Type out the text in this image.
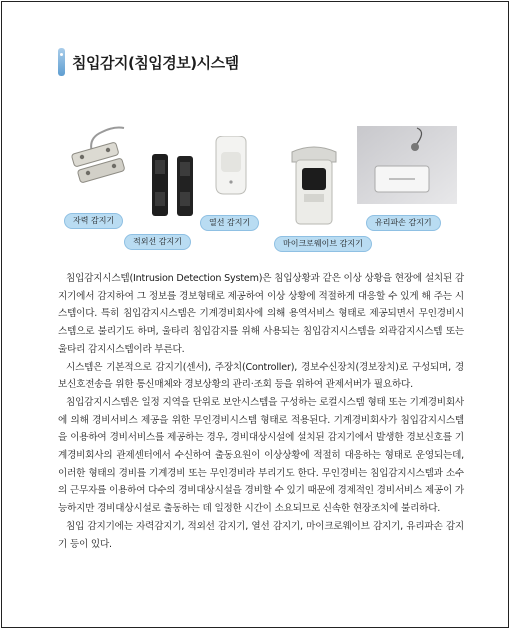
침입감지(침입경보)시스템
자력 감지기
적외선 감지기
열선 감지기
마이크로웨이브 감지기
유리파손 감지기

침입감지시스템(Intrusion Detection System)은 침입상황과 같은 이상 상황을 현장에 설치된 감지기에서 감지하여 그 정보를 경보형태로 제공하여 이상 상황에 적절하게 대응할 수 있게 해 주는 시스템이다. 특히 침입감지시스템은 기계경비회사에 의해 용역서비스 형태로 제공되면서 무인경비시스템으로 불리기도 하며, 울타리 침입감지를 위해 사용되는 침입감지시스템을 외곽감지시스템 또는 울타리 감지시스템이라 부른다.

시스템은 기본적으로 감지기(센서), 주장치(Controller), 경보수신장치(경보장치)로 구성되며, 경보신호전송을 위한 통신매체와 경보상황의 관리·조회 등을 위하여 관제서버가 필요하다.

침입감지시스템은 일정 지역을 단위로 보안시스템을 구성하는 로컬시스템 형태 또는 기계경비회사에 의해 경비서비스 제공을 위한 무인경비시스템 형태로 적용된다. 기계경비회사가 침입감지시스템을 이용하여 경비서비스를 제공하는 경우, 경비대상시설에 설치된 감지기에서 발생한 경보신호를 기계경비회사의 관제센터에서 수신하여 출동요원이 이상상황에 적절히 대응하는 형태로 운영되는데, 이러한 형태의 경비를 기계경비 또는 무인경비라 부리기도 한다. 무인경비는 침입감지시스템과 소수의 근무자를 이용하여 다수의 경비대상시설을 경비할 수 있기 때문에 경제적인 경비서비스 제공이 가능하지만 경비대상시설로 출동하는 데 일정한 시간이 소요되므로 신속한 현장조치에 불리하다.

침입 감지기에는 자력감지기, 적외선 감지기, 열선 감지기, 마이크로웨이브 감지기, 유리파손 감지기 등이 있다.
